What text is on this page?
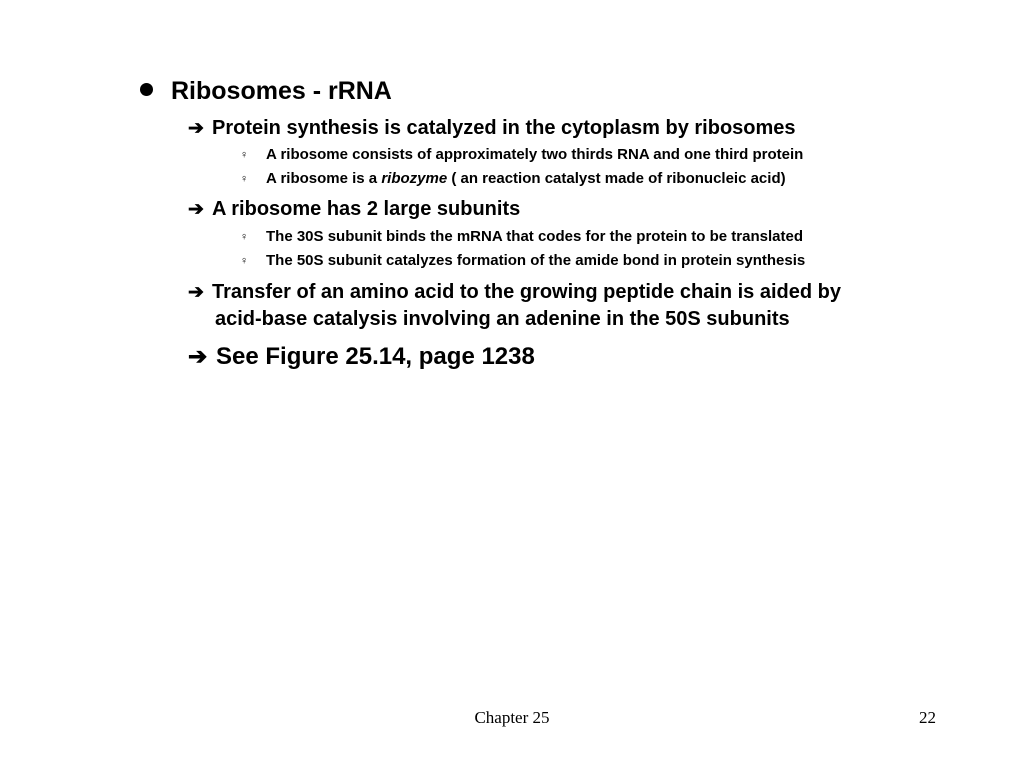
Ribosomes - rRNA
➔ Protein synthesis is catalyzed in the cytoplasm by ribosomes
♀ A ribosome consists of approximately two thirds RNA and one third protein
♀ A ribosome is a ribozyme ( an reaction catalyst made of ribonucleic acid)
➔ A ribosome has 2 large subunits
♀ The 30S subunit binds the mRNA that codes for the protein to be translated
♀ The 50S subunit catalyzes formation of the amide bond in protein synthesis
➔ Transfer of an amino acid to the growing peptide chain is aided by
acid-base catalysis involving an adenine in the 50S subunits
➔ See Figure 25.14, page 1238
Chapter 25	22
